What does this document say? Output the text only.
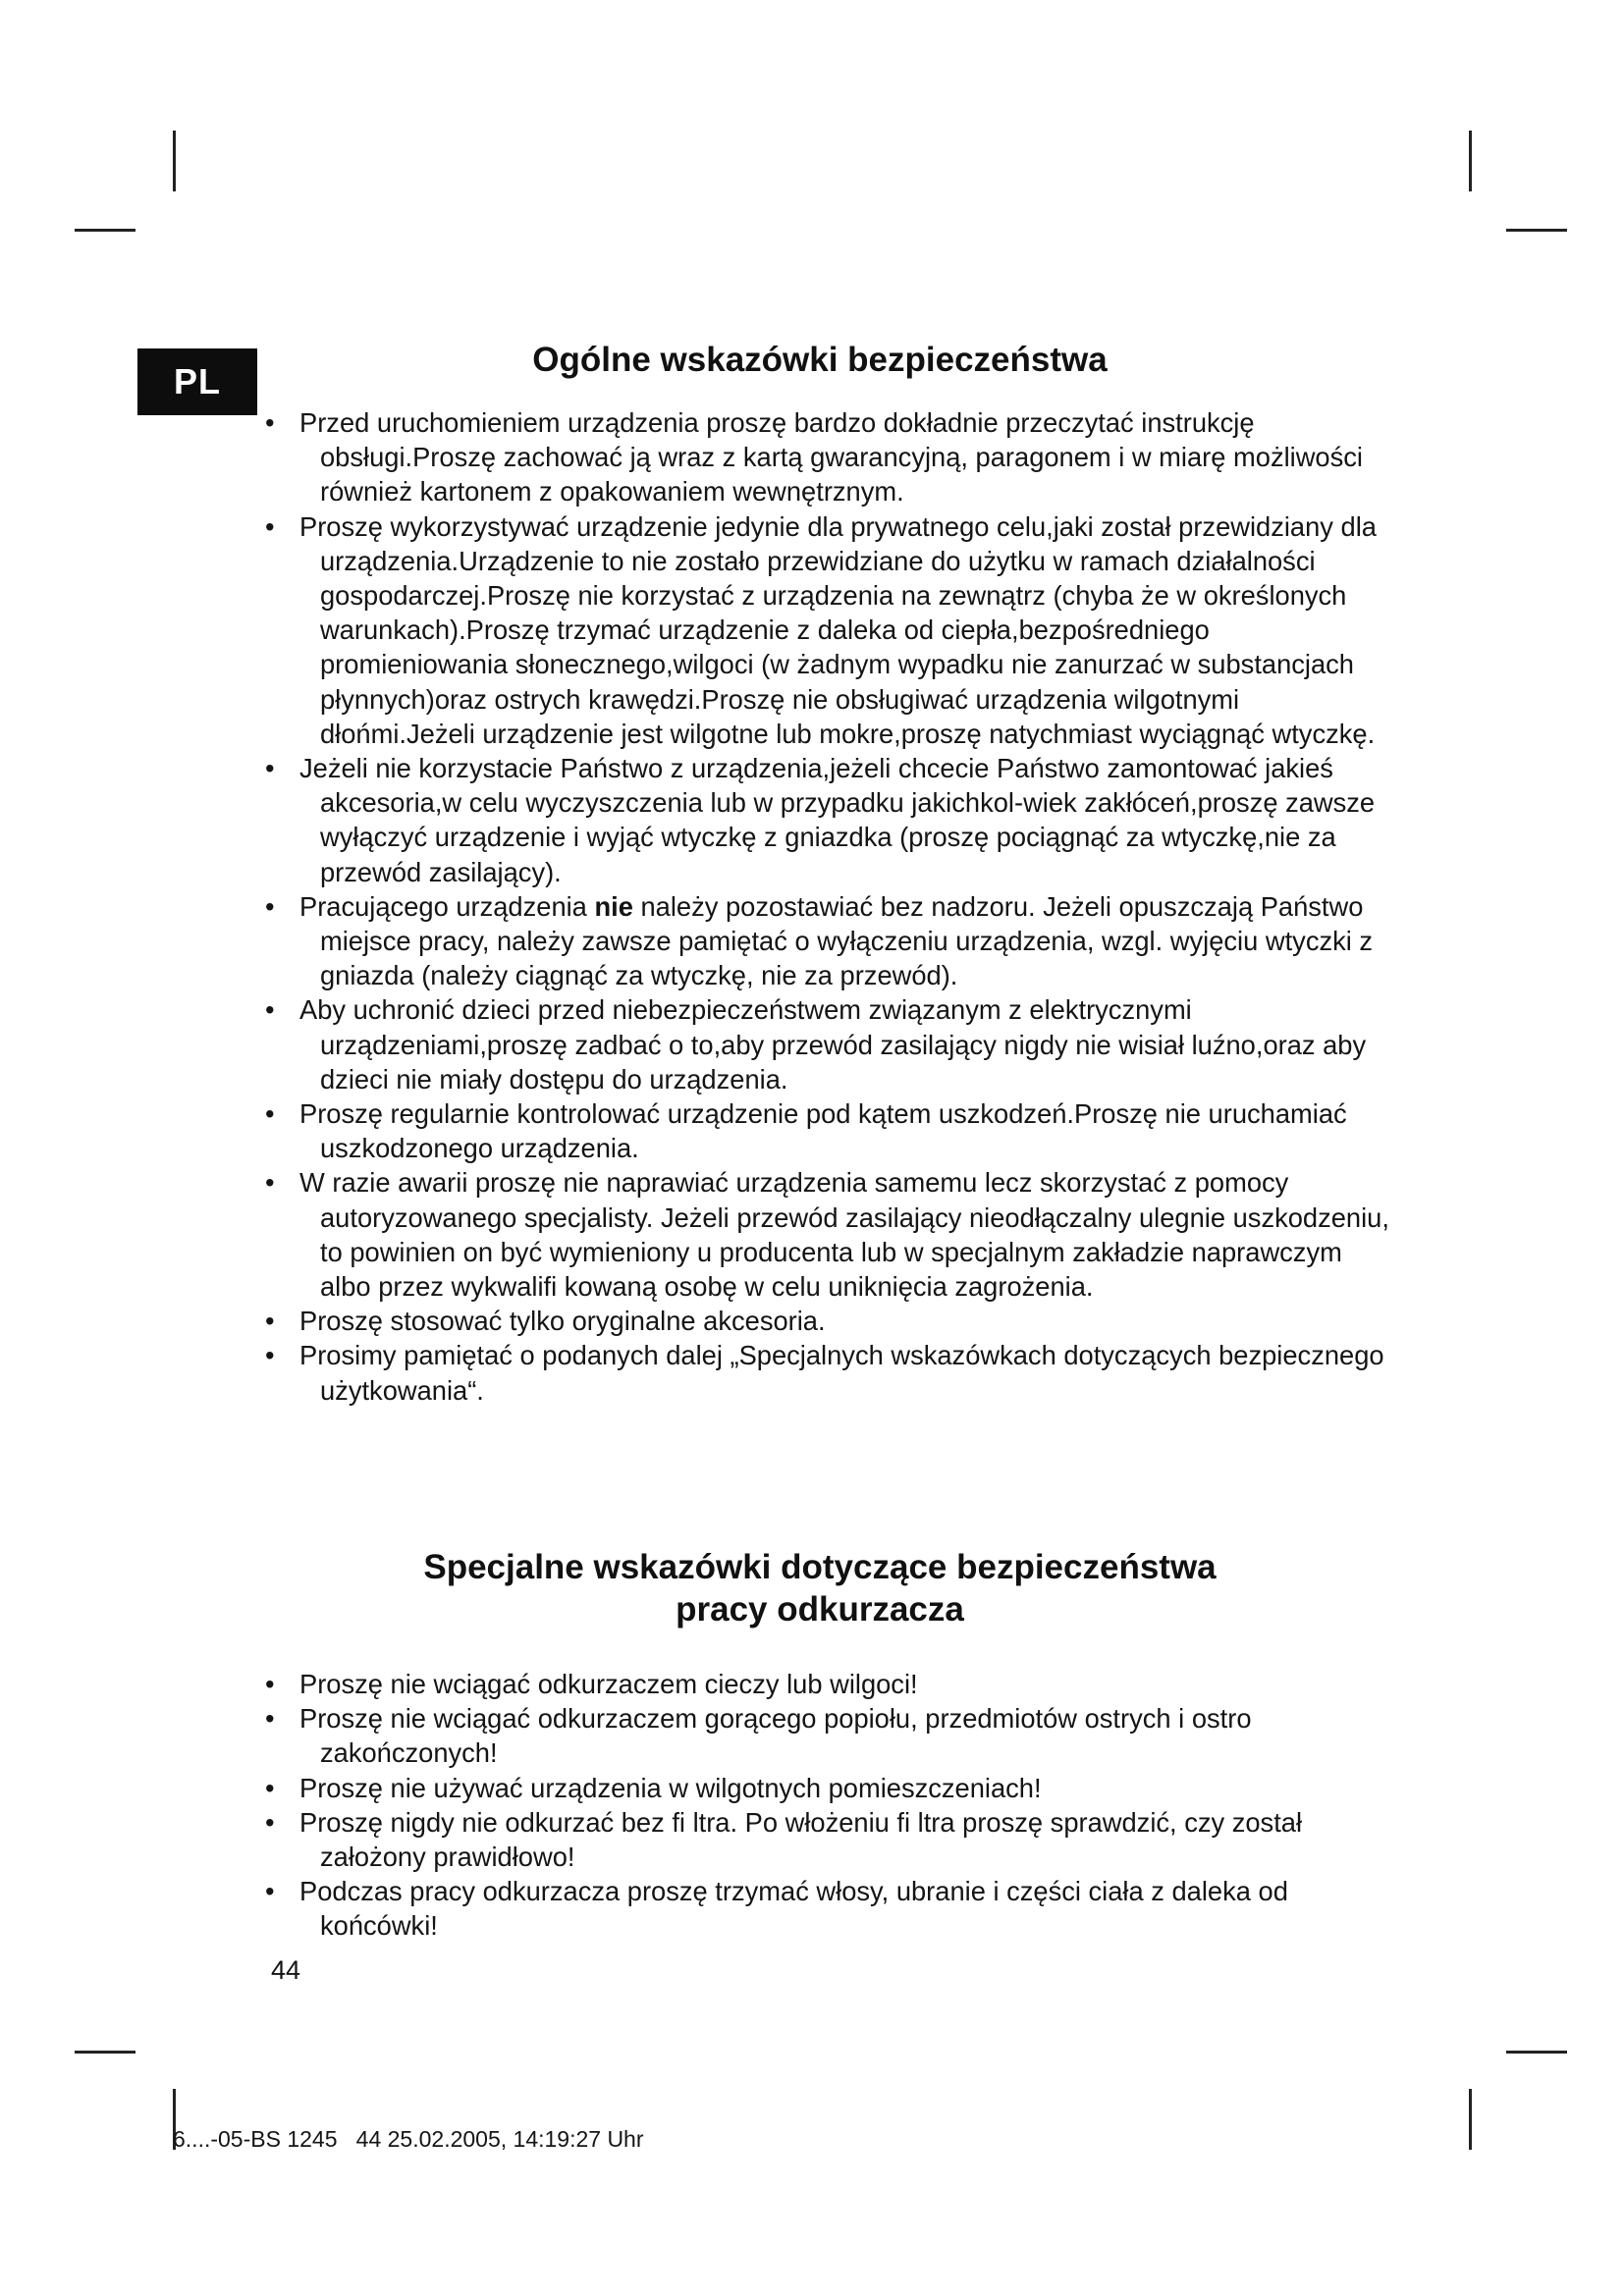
PL
Ogólne wskazówki bezpieczeństwa
• Przed uruchomieniem urządzenia proszę bardzo dokładnie przeczytać instrukcję obsługi.Proszę zachować ją wraz z kartą gwarancyjną, paragonem i w miarę możliwości również kartonem z opakowaniem wewnętrznym.
• Proszę wykorzystywać urządzenie jedynie dla prywatnego celu,jaki został przewidziany dla urządzenia.Urządzenie to nie zostało przewidziane do użytku w ramach działalności gospodarczej.Proszę nie korzystać z urządzenia na zewnątrz (chyba że w określonych warunkach).Proszę trzymać urządzenie z daleka od ciepła,bezpośredniego promieniowania słonecznego,wilgoci (w żadnym wypadku nie zanurzać w substancjach płynnych)oraz ostrych krawędzi.Proszę nie obsługiwać urządzenia wilgotnymi dłońmi.Jeżeli urządzenie jest wilgotne lub mokre,proszę natychmiast wyciągnąć wtyczkę.
• Jeżeli nie korzystacie Państwo z urządzenia,jeżeli chcecie Państwo zamontować jakieś akcesoria,w celu wyczyszczenia lub w przypadku jakichkol-wiek zakłóceń,proszę zawsze wyłączyć urządzenie i wyjąć wtyczkę z gniazdka (proszę pociągnąć za wtyczkę,nie za przewód zasilający).
• Pracującego urządzenia nie należy pozostawiać bez nadzoru. Jeżeli opuszczają Państwo miejsce pracy, należy zawsze pamiętać o wyłączeniu urządzenia, wzgl. wyjęciu wtyczki z gniazda (należy ciągnąć za wtyczkę, nie za przewód).
• Aby uchronić dzieci przed niebezpieczeństwem związanym z elektrycznymi urządzeniami,proszę zadbać o to,aby przewód zasilający nigdy nie wisiał luźno,oraz aby dzieci nie miały dostępu do urządzenia.
• Proszę regularnie kontrolować urządzenie pod kątem uszkodzeń.Proszę nie uruchamiać uszkodzonego urządzenia.
• W razie awarii proszę nie naprawiać urządzenia samemu lecz skorzystać z pomocy autoryzowanego specjalisty. Jeżeli przewód zasilający nieodłączalny ulegnie uszkodzeniu, to powinien on być wymieniony u producenta lub w specjalnym zakładzie naprawczym albo przez wykwalifi kowaną osobę w celu uniknięcia zagrożenia.
• Proszę stosować tylko oryginalne akcesoria.
• Prosimy pamiętać o podanych dalej „Specjalnych wskazówkach dotyczących bezpiecznego użytkowania“.
Specjalne wskazówki dotyczące bezpieczeństwa
pracy odkurzacza
• Proszę nie wciągać odkurzaczem cieczy lub wilgoci!
• Proszę nie wciągać odkurzaczem gorącego popiołu, przedmiotów ostrych i ostro zakończonych!
• Proszę nie używać urządzenia w wilgotnych pomieszczeniach!
• Proszę nigdy nie odkurzać bez fi ltra. Po włożeniu fi ltra proszę sprawdzić, czy został założony prawidłowo!
• Podczas pracy odkurzacza proszę trzymać włosy, ubranie i części ciała z daleka od końcówki!
44
6....-05-BS 1245   44 25.02.2005, 14:19:27 Uhr
